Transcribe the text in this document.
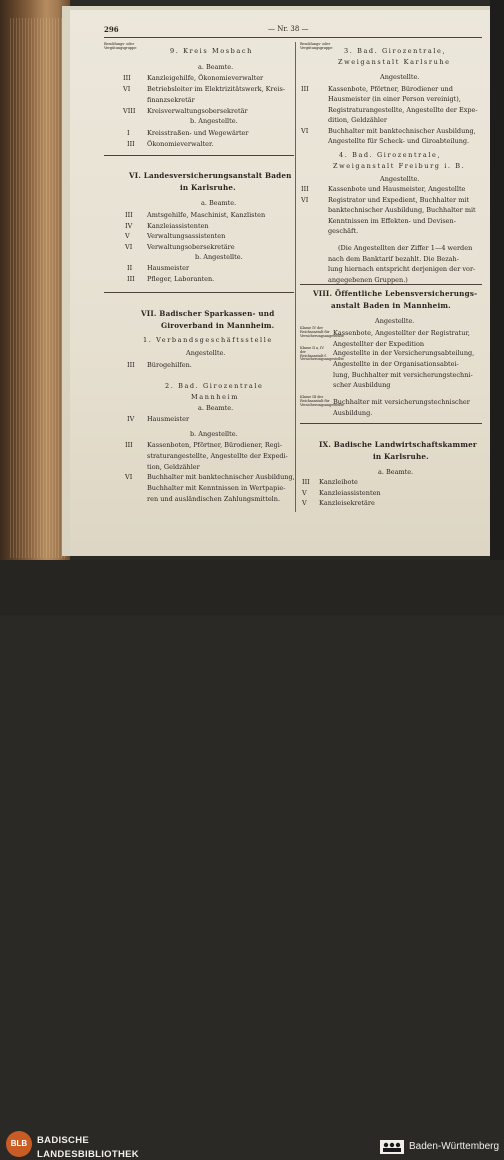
296	— Nr. 38 —
Besoldungs- oder Vergütungsgruppe	9. Kreis Mosbach
a. Beamte.
III	Kanzleigehilfe, Ökonomieverwalter
VI	Betriebsleiter im Elektrizitätswerk, Kreis-
finanzsekretär
VIII Kreisverwaltungsobersekretär
b. Angestellte.
I	Kreisstraßen- und Wegewärter
III Ökonomieverwalter.
VI. Landesversicherungsanstalt Baden
in Karlsruhe.
a. Beamte.
III Amtsgehilfe, Maschinist, Kanzlisten
IV Kanzleiassistenten
V	Verwaltungsassistenten
VI Verwaltungsobersekretäre
b. Angestellte.
II Hausmeister
III Pfleger, Laboranten.
VII. Badischer Sparkassen- und
Giroverband in Mannheim.
1. Verbandsgeschäftsstelle
Angestellte.
III Bürogehilfen.
2. Bad. Girozentrale
Mannheim
a. Beamte.
IV Hausmeister
b. Angestellte.
III Kassenboten, Pförtner, Bürodiener, Regi-
straturangestellte, Angestellte der Expedi-
tion, Geldzähler
VI Buchhalter mit banktechnischer Ausbildung,
Buchhalter mit Kenntnissen in Wertpapie-
ren und ausländischen Zahlungsmitteln.
Besoldungs- oder Vergütungsgruppe 3. Bad. Girozentrale,
Zweiganstalt Karlsruhe
Angestellte.
III	Kassenbote, Pförtner, Bürodiener und
Hausmeister (in einer Person vereinigt),
Registraturangestellte, Angestellte der Expe-
dition, Geldzähler
VI	Buchhalter mit banktechnischer Ausbildung,
Angestellte für Scheck- und Giroabteilung.
4. Bad. Girozentrale,
Zweiganstalt Freiburg i. B.
Angestellte.
III	Kassenbote und Hausmeister, Angestellte
VI	Registrator und Expedient, Buchhalter mit
banktechnischer Ausbildung, Buchhalter mit
Kenntnissen im Effekten- und Devisen-
geschäft.
(Die Angestellten der Ziffer 1—4 werden
nach dem Banktarif bezahlt. Die Bezah-
lung hiernach entspricht derjenigen der vor-
angegebenen Gruppen.)
VIII. Öffentliche Lebensversicherungs-
anstalt Baden in Mannheim.
Angestellte.
Klasse IV der Reichsanstalt für Versicherungsangestellte
Kassenbote, Angestellter der Registratur,
Angestellter der Expedition
Klasse II a, IV der Reichsanstalt f. Versicherungsangestellte
Angestellte in der Versicherungsabteilung,
Angestellte in der Organisationsabtei-
lung, Buchhalter mit versicherungstechni-
scher Ausbildung
Klasse III der Reichsanstalt für Versicherungsangestellte
Buchhalter mit versicherungstechnischer
Ausbildung.
IX. Badische Landwirtschaftskammer
in Karlsruhe.
a. Beamte.
III Kanzleibote
V Kanzleiassistenten
V Kanzleisekretäre
BLB	BADISCHE
LANDESBIBLIOTHEK
Baden-Württemberg
